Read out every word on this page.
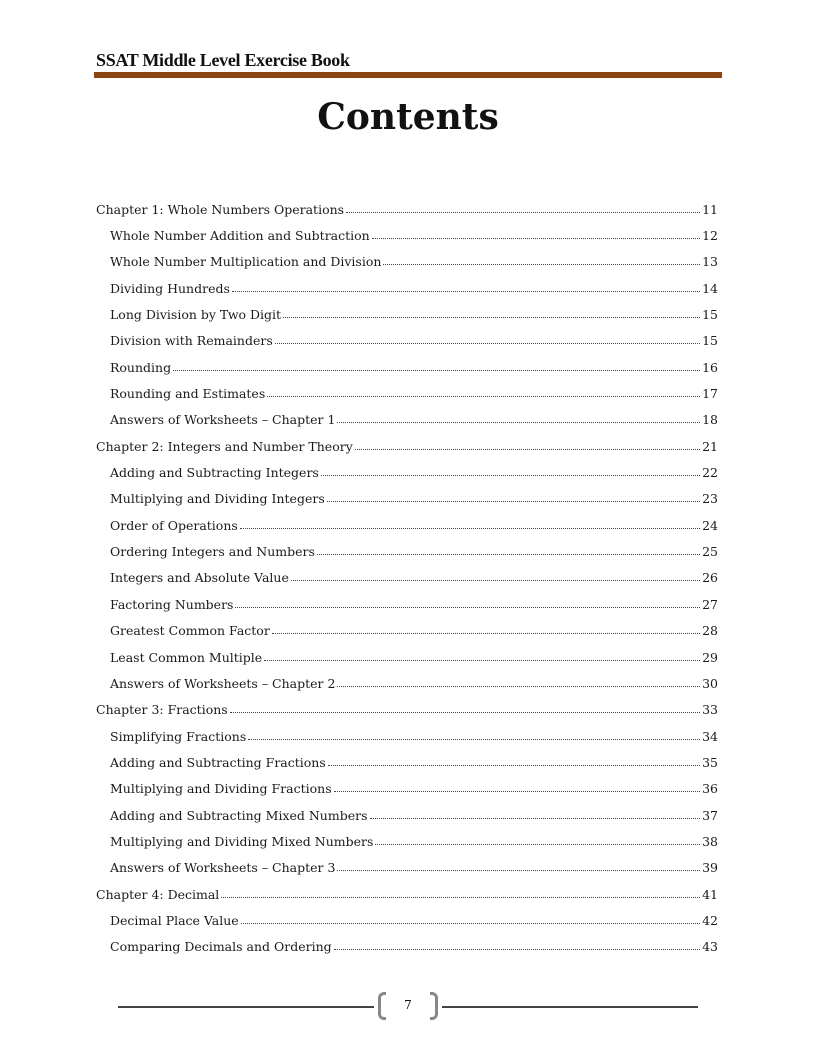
SSAT Middle Level Exercise Book
Contents
Chapter 1: Whole Numbers Operations	11
Whole Number Addition and Subtraction	12
Whole Number Multiplication and Division	13
Dividing Hundreds	14
Long Division by Two Digit	15
Division with Remainders	15
Rounding	16
Rounding and Estimates	17
Answers of Worksheets – Chapter 1	18
Chapter 2: Integers and Number Theory	21
Adding and Subtracting Integers	22
Multiplying and Dividing Integers	23
Order of Operations	24
Ordering Integers and Numbers	25
Integers and Absolute Value	26
Factoring Numbers	27
Greatest Common Factor	28
Least Common Multiple	29
Answers of Worksheets – Chapter 2	30
Chapter 3: Fractions	33
Simplifying Fractions	34
Adding and Subtracting Fractions	35
Multiplying and Dividing Fractions	36
Adding and Subtracting Mixed Numbers	37
Multiplying and Dividing Mixed Numbers	38
Answers of Worksheets – Chapter 3	39
Chapter 4: Decimal	41
Decimal Place Value	42
Comparing Decimals and Ordering	43
7
